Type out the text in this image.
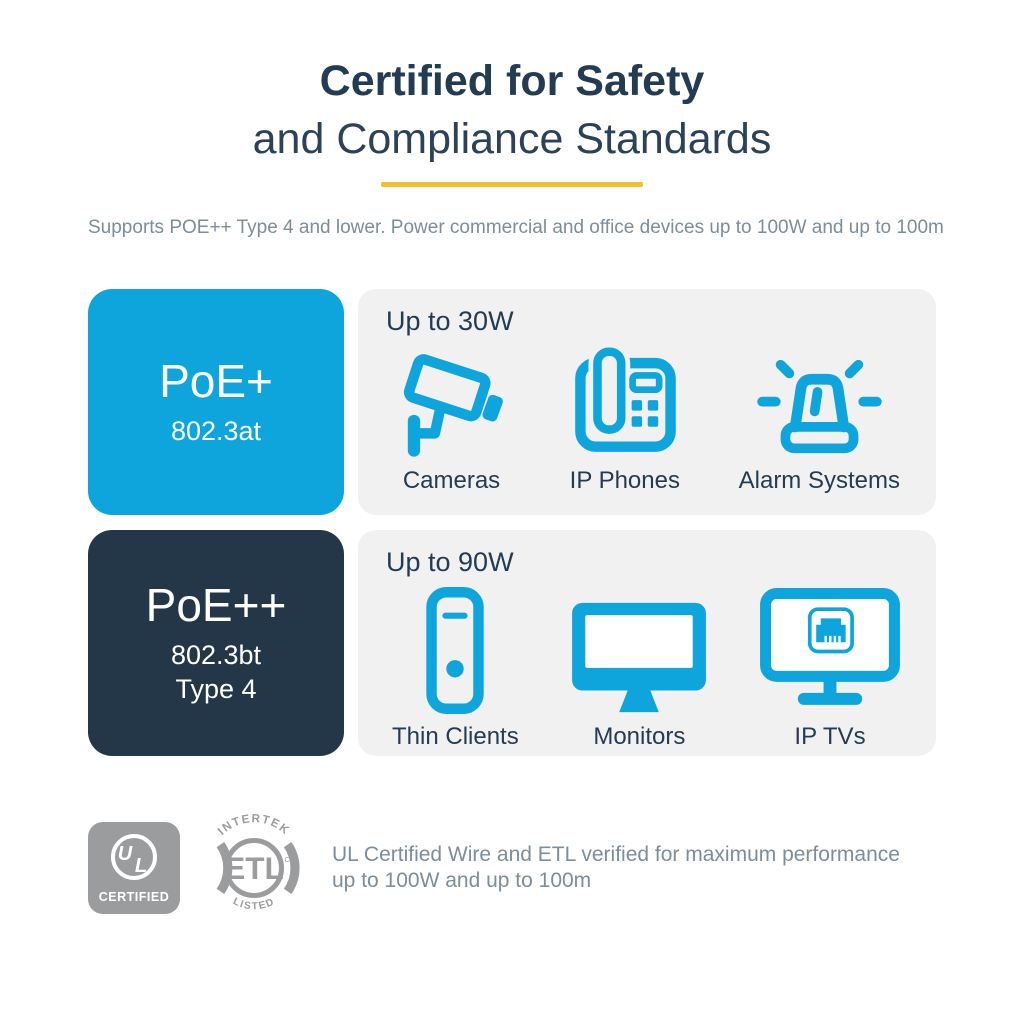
Certified for Safety
and Compliance Standards
Supports POE++ Type 4 and lower. Power commercial and office devices up to 100W and up to 100m
PoE+
802.3at
Up to 30W
Cameras	IP Phones Alarm Systems
PoE++
802.3bt
Type 4
Up to 90W
Thin Clients	Monitors	IP TVs
U
L
CERTIFIED
INTERTEK
LISTED
ETL CM UL Certified Wire and ETL verified for maximum performance
up to 100W and up to 100m
